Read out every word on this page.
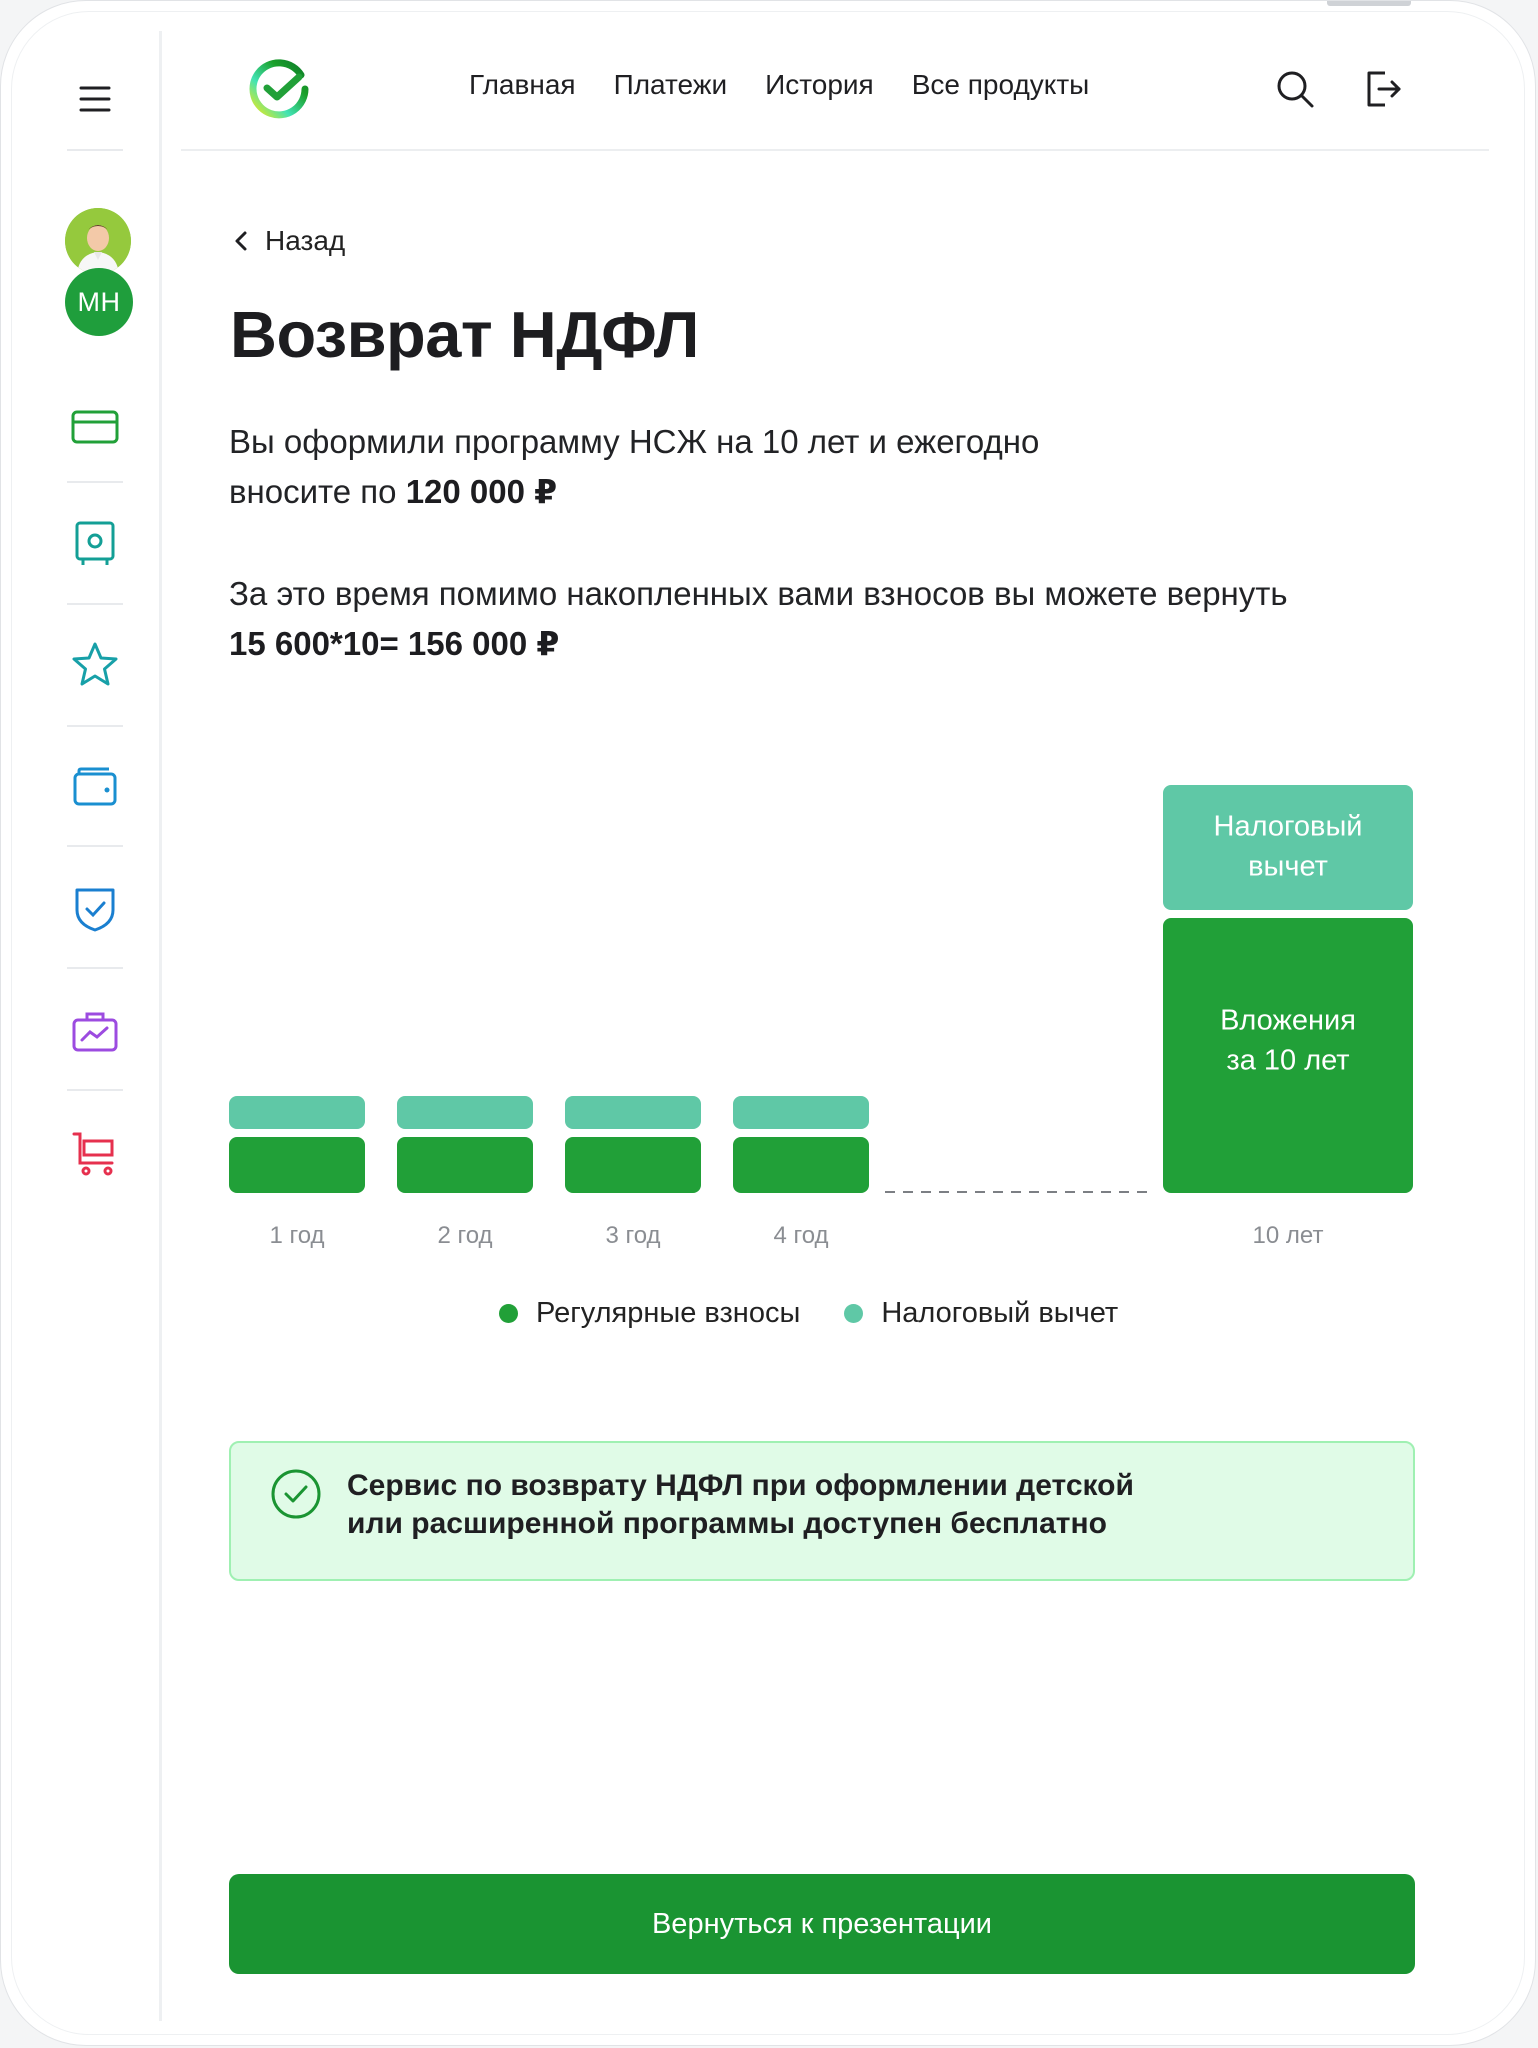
МН
Главная Платежи История Все продукты
Назад
Возврат НДФЛ
Вы оформили программу НСЖ на 10 лет и ежегодно
вносите по 120 000 ₽
За это время помимо накопленных вами взносов вы можете вернуть
15 600*10= 156 000 ₽
1 год	2 год	3 год	4 год	10 лет
Налоговый
вычет
Вложения
за 10 лет
Регулярные взносы	Налоговый вычет
Сервис по возврату НДФЛ при оформлении детской
или расширенной программы доступен бесплатно
Вернуться к презентации
